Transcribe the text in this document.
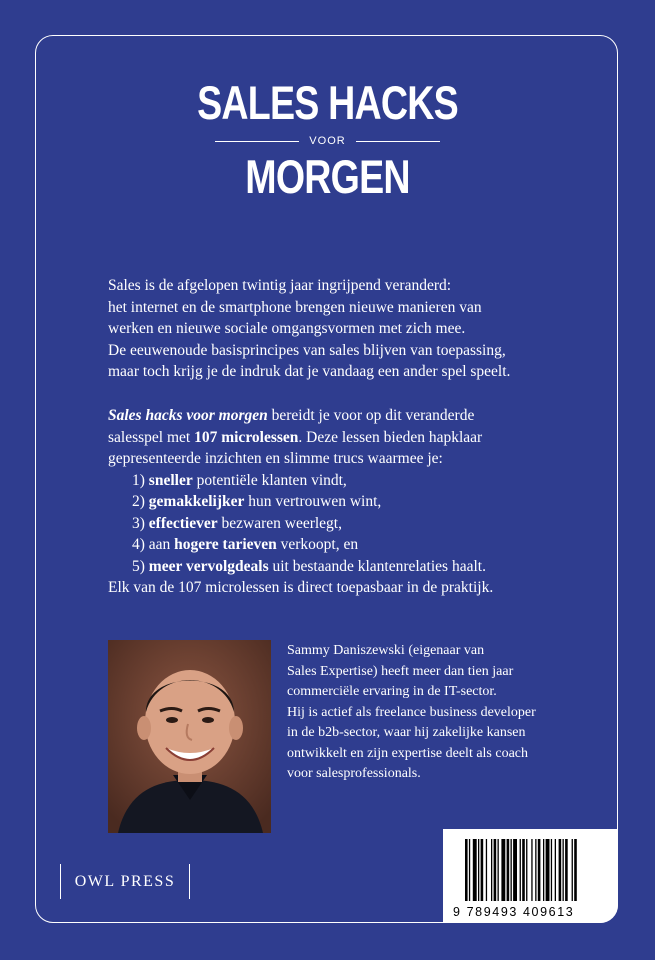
SALES HACKS
VOOR
MORGEN

Sales is de afgelopen twintig jaar ingrijpend veranderd:
het internet en de smartphone brengen nieuwe manieren van
werken en nieuwe sociale omgangsvormen met zich mee.
De eeuwenoude basisprincipes van sales blijven van toepassing,
maar toch krijg je de indruk dat je vandaag een ander spel speelt.

Sales hacks voor morgen bereidt je voor op dit veranderde
salesspel met 107 microlessen. Deze lessen bieden hapklaar
gepresenteerde inzichten en slimme trucs waarmee je:
1) sneller potentiële klanten vindt,
2) gemakkelijker hun vertrouwen wint,
3) effectiever bezwaren weerlegt,
4) aan hogere tarieven verkoopt, en
5) meer vervolgdeals uit bestaande klantenrelaties haalt.
Elk van de 107 microlessen is direct toepasbaar in de praktijk.

Sammy Daniszewski (eigenaar van
Sales Expertise) heeft meer dan tien jaar
commerciële ervaring in de IT-sector.
Hij is actief als freelance business developer
in de b2b-sector, waar hij zakelijke kansen
ontwikkelt en zijn expertise deelt als coach
voor salesprofessionals.

OWL PRESS
9 789493 409613
